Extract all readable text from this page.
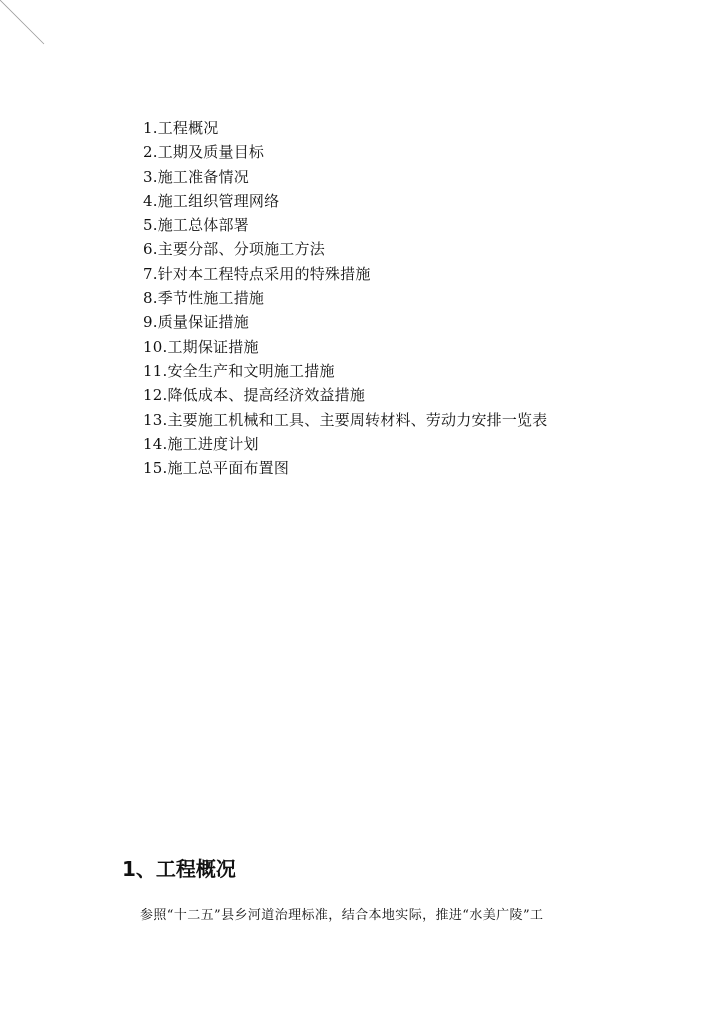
1.工程概况
2.工期及质量目标
3.施工准备情况
4.施工组织管理网络
5.施工总体部署
6.主要分部、分项施工方法
7.针对本工程特点采用的特殊措施
8.季节性施工措施
9.质量保证措施
10.工期保证措施
11.安全生产和文明施工措施
12.降低成本、提高经济效益措施
13.主要施工机械和工具、主要周转材料、劳动力安排一览表
14.施工进度计划
15.施工总平面布置图
1、工程概况

参照“十二五”县乡河道治理标准，结合本地实际，推进“水美广陵”工
